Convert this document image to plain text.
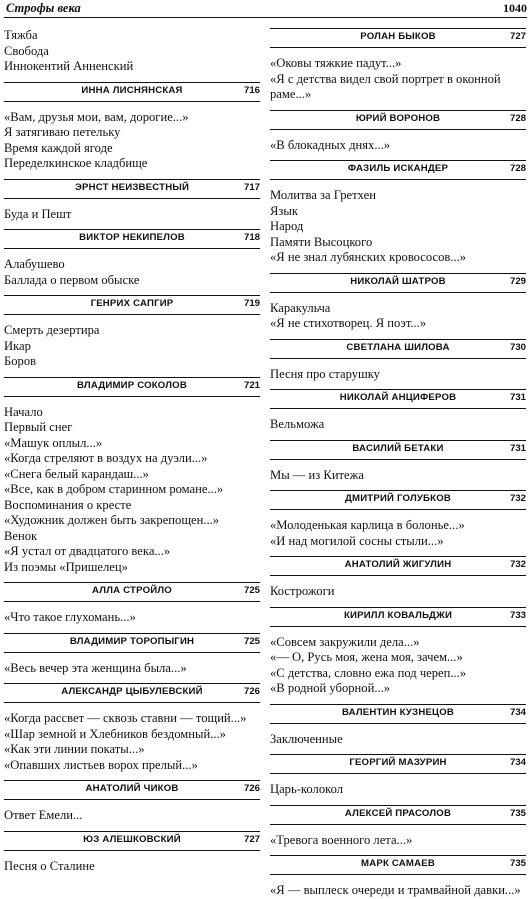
Строфы века	1040
Тяжба
Свобода
Иннокентий Анненский
ИННА ЛИСНЯНСКАЯ	716
«Вам, друзья мои, вам, дорогие...»
Я затягиваю петельку
Время каждой ягоде
Переделкинское кладбище
ЭРНСТ НЕИЗВЕСТНЫЙ	717
Буда и Пешт
ВИКТОР НЕКИПЕЛОВ	718
Алабушево
Баллада о первом обыске
ГЕНРИХ САПГИР	719
Смерть дезертира
Икар
Боров
ВЛАДИМИР СОКОЛОВ	721
Начало
Первый снег
«Машук оплыл...»
«Когда стреляют в воздух на дуэли...»
«Снега белый карандаш...»
«Все, как в добром старинном романе...»
Воспоминания о кресте
«Художник должен быть закрепощен...»
Венок
«Я устал от двадцатого века...»
Из поэмы «Пришелец»
АЛЛА СТРОЙЛО	725
«Что такое глухомань...»
ВЛАДИМИР ТОРОПЫГИН	725
«Весь вечер эта женщина была...»
АЛЕКСАНДР ЦЫБУЛЕВСКИЙ	726
«Когда рассвет — сквозь ставни — тощий...»
«Шар земной и Хлебников бездомный...»
«Как эти линии покаты...»
«Опавших листьев ворох прелый...»
АНАТОЛИЙ ЧИКОВ	726
Ответ Емели...
ЮЗ АЛЕШКОВСКИЙ	727
Песня о Сталине
РОЛАН БЫКОВ	727
«Оковы тяжкие падут...»
«Я с детства видел свой портрет в оконной
раме...»
ЮРИЙ ВОРОНОВ	728
«В блокадных днях...»
ФАЗИЛЬ ИСКАНДЕР	728
Молитва за Гретхен
Язык
Народ
Памяти Высоцкого
«Я не знал лубянских кровососов...»
НИКОЛАЙ ШАТРОВ	729
Каракульча
«Я не стихотворец. Я поэт...»
СВЕТЛАНА ШИЛОВА	730
Песня про старушку
НИКОЛАЙ АНЦИФЕРОВ	731
Вельможа
ВАСИЛИЙ БЕТАКИ	731
Мы — из Китежа
ДМИТРИЙ ГОЛУБКОВ	732
«Молоденькая карлица в болонье...»
«И над могилой сосны стыли...»
АНАТОЛИЙ ЖИГУЛИН	732
Кострожоги
КИРИЛЛ КОВАЛЬДЖИ	733
«Совсем закружили дела...»
«— О, Русь моя, жена моя, зачем...»
«С детства, словно ежа под череп...»
«В родной уборной...»
ВАЛЕНТИН КУЗНЕЦОВ	734
Заключенные
ГЕОРГИЙ МАЗУРИН	734
Царь-колокол
АЛЕКСЕЙ ПРАСОЛОВ	735
«Тревога военного лета...»
МАРК САМАЕВ	735
«Я — выплеск очереди и трамвайной давки...»
